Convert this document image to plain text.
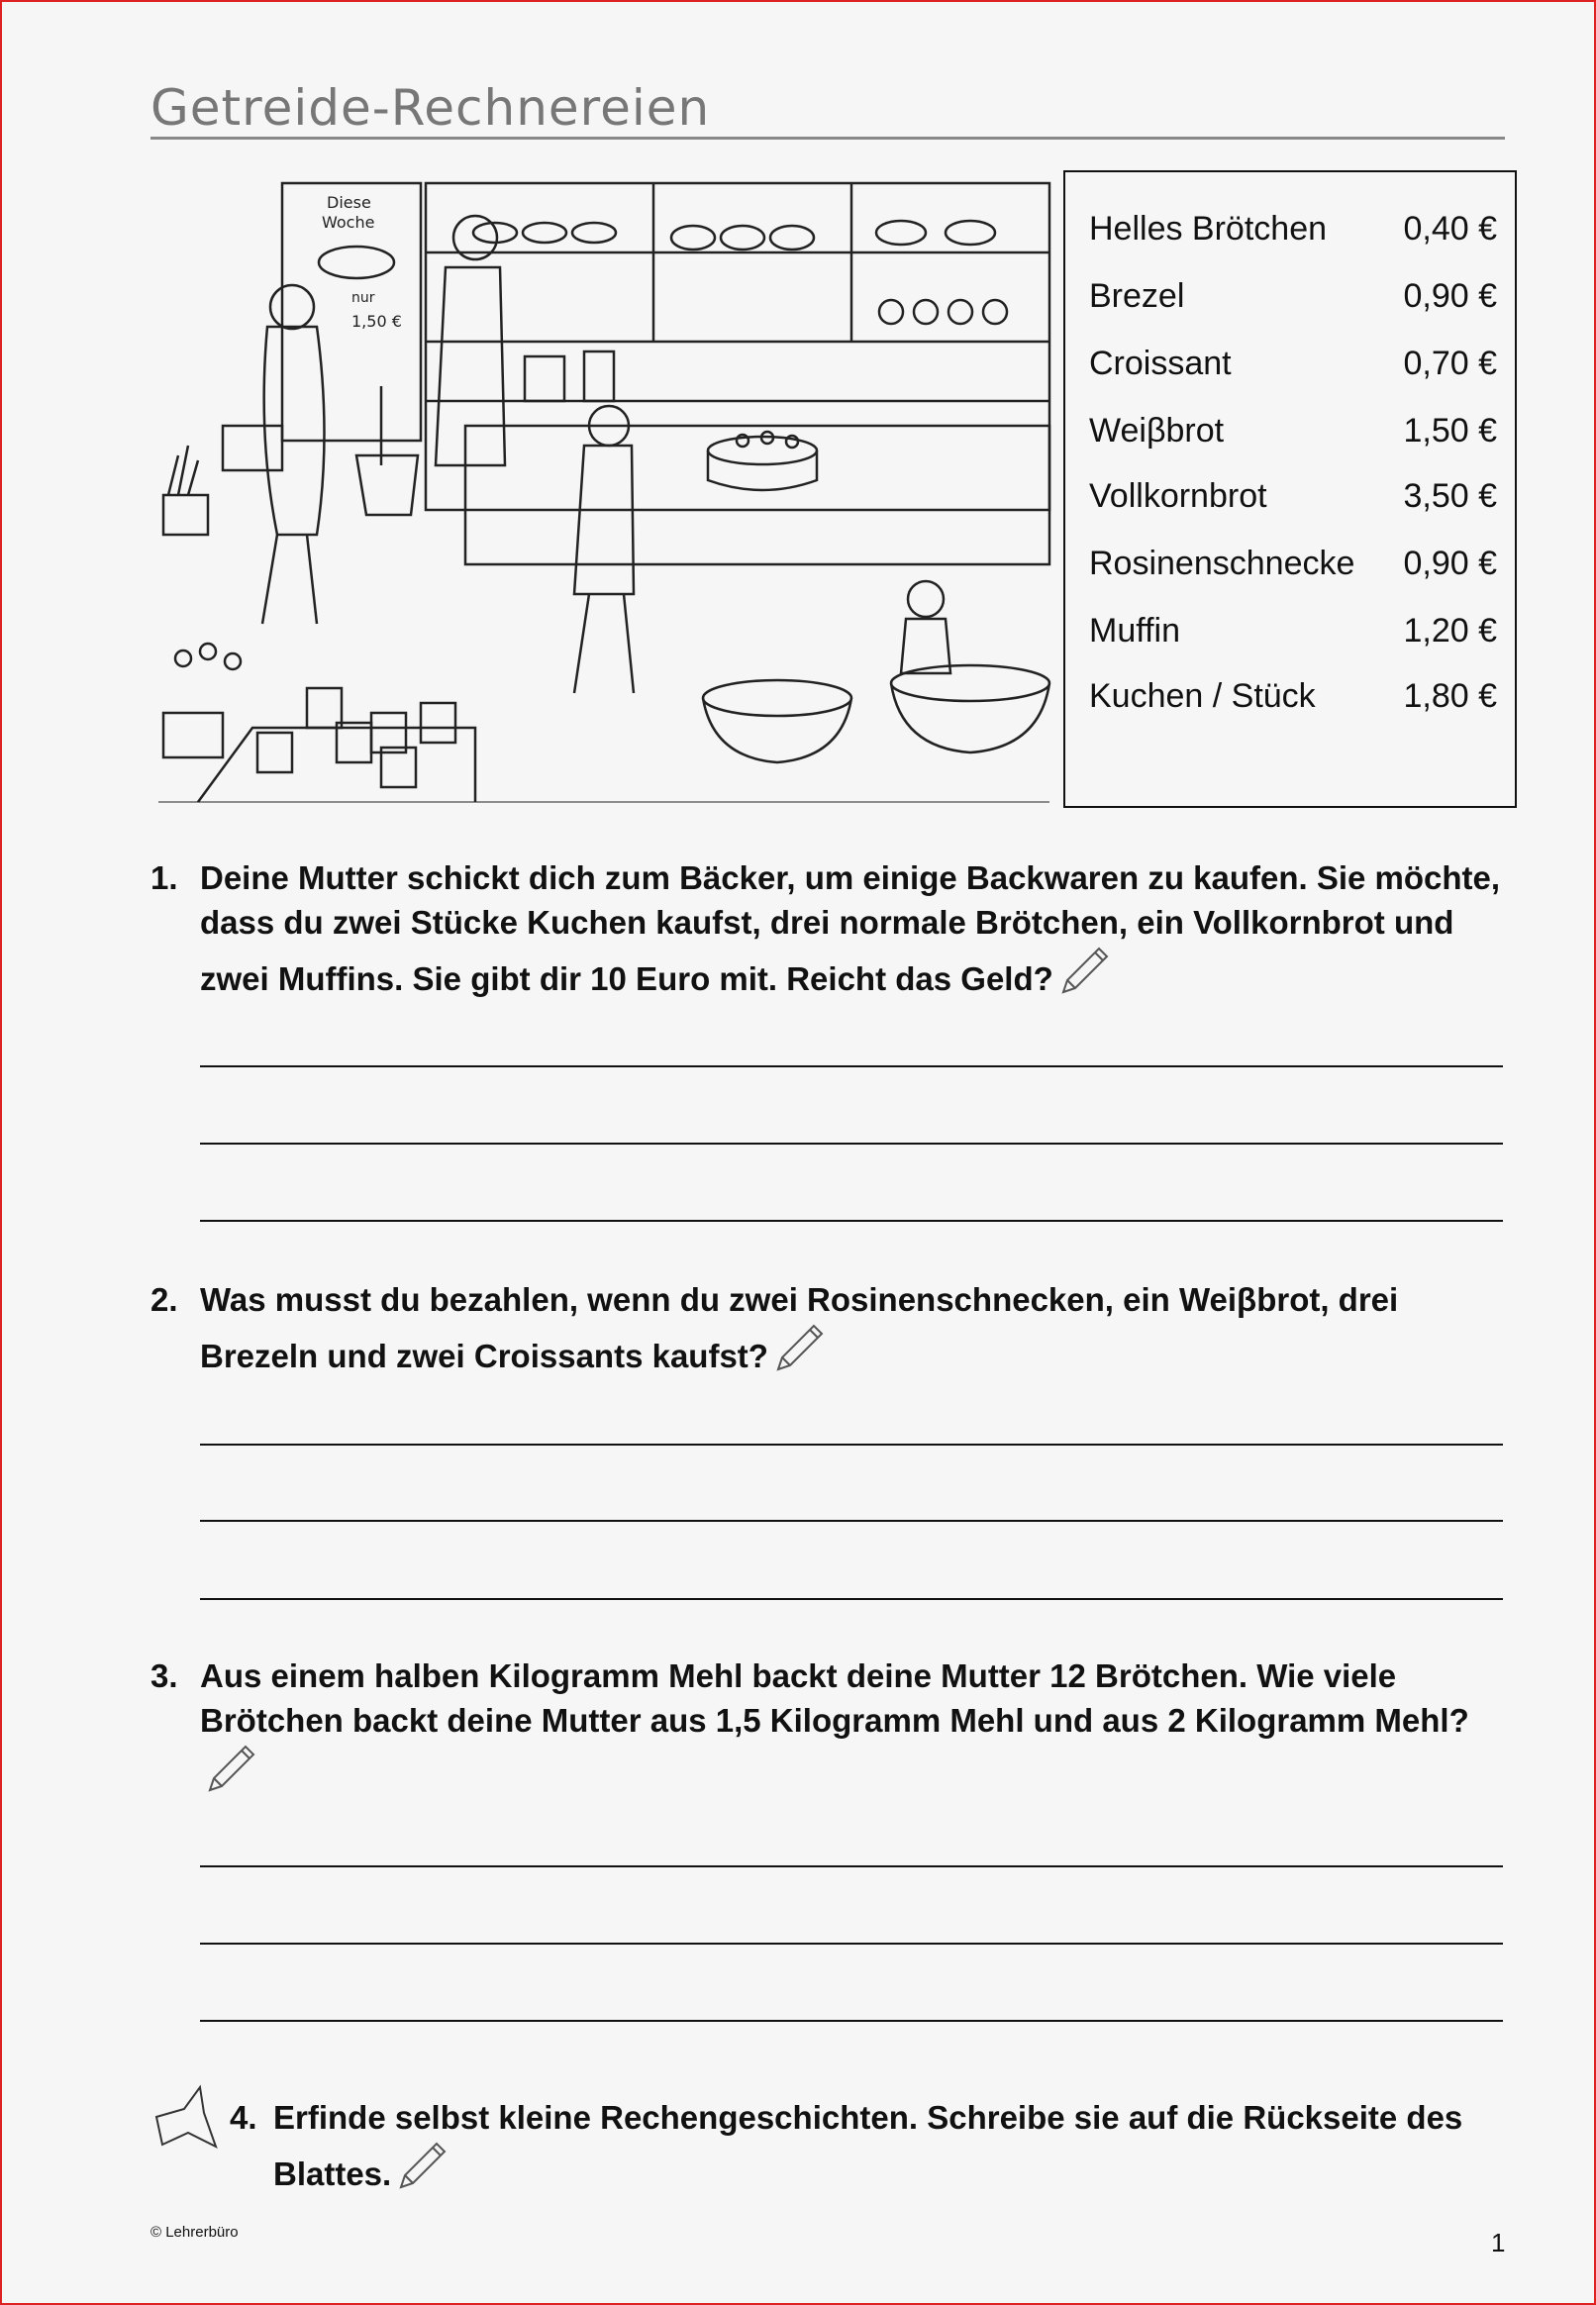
Getreide-Rechnereien
Diese
Woche
nur
1,50 €
Helles Brötchen 0,40 €
Brezel	0,90 €
Croissant	0,70 €
Weiβbrot	1,50 €
Vollkornbrot	3,50 €
Rosinenschnecke 0,90 €
Muffin	1,20 €
Kuchen / Stück	1,80 €
1. Deine Mutter schickt dich zum Bäcker, um einige Backwaren zu kaufen. Sie möchte, dass du zwei Stücke Kuchen kaufst, drei normale Brötchen, ein Vollkornbrot und zwei Muffins. Sie gibt dir 10 Euro mit. Reicht das Geld?
2. Was musst du bezahlen, wenn du zwei Rosinenschnecken, ein Weiβbrot, drei Brezeln und zwei Croissants kaufst?
3. Aus einem halben Kilogramm Mehl backt deine Mutter 12 Brötchen. Wie viele Brötchen backt deine Mutter aus 1,5 Kilogramm Mehl und aus 2 Kilogramm Mehl?
4. Erfinde selbst kleine Rechengeschichten. Schreibe sie auf die Rückseite des Blattes.
© Lehrerbüro	1
